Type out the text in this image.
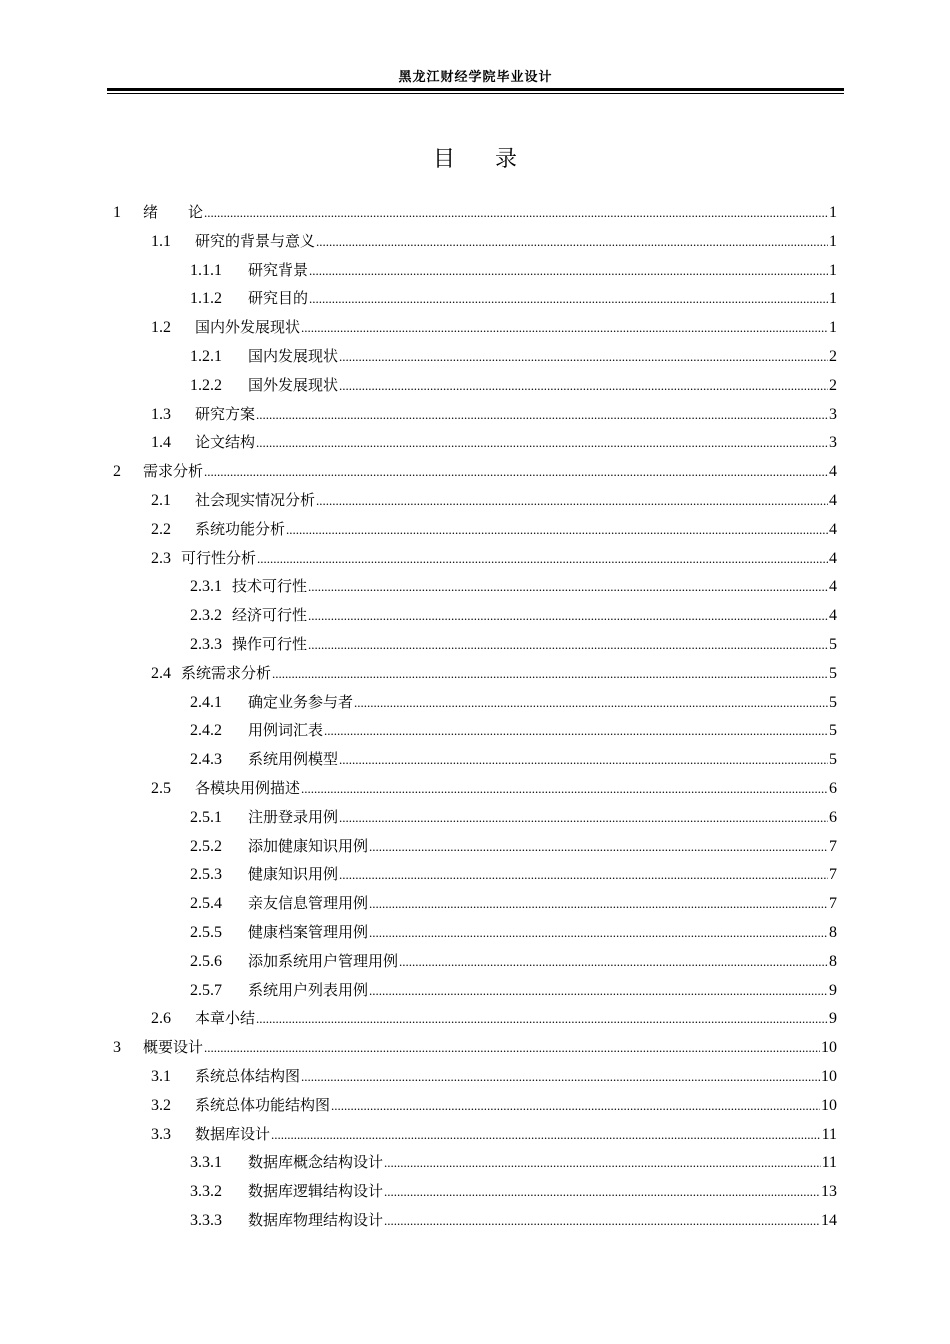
黑龙江财经学院毕业设计
目录
1	绪　　论 .....	1
1.1	研究的背景与意义 .....	1
1.1.1	研究背景 .....	1
1.1.2	研究目的 .....	1
1.2	国内外发展现状 .....	1
1.2.1	国内发展现状 .....	2
1.2.2	国外发展现状 .....	2
1.3	研究方案 .....	3
1.4	论文结构 .....	3
2	需求分析 .....	4
2.1	社会现实情况分析 .....	4
2.2	系统功能分析 .....	4
2.3 可行性分析 .....	4
2.3.1 技术可行性 .....	4
2.3.2 经济可行性 .....	4
2.3.3 操作可行性 .....	5
2.4 系统需求分析 .....	5
2.4.1	确定业务参与者 .....	5
2.4.2	用例词汇表 .....	5
2.4.3	系统用例模型 .....	5
2.5	各模块用例描述 .....	6
2.5.1	注册登录用例 .....	6
2.5.2	添加健康知识用例 .....	7
2.5.3	健康知识用例 .....	7
2.5.4	亲友信息管理用例 .....	7
2.5.5	健康档案管理用例 .....	8
2.5.6	添加系统用户管理用例 .....	8
2.5.7	系统用户列表用例 .....	9
2.6	本章小结 .....	9
3	概要设计 .....	10
3.1	系统总体结构图 .....	10
3.2	系统总体功能结构图 .....	10
3.3	数据库设计 .....	11
3.3.1	数据库概念结构设计 .....	11
3.3.2	数据库逻辑结构设计 .....	13
3.3.3	数据库物理结构设计 .....	14
